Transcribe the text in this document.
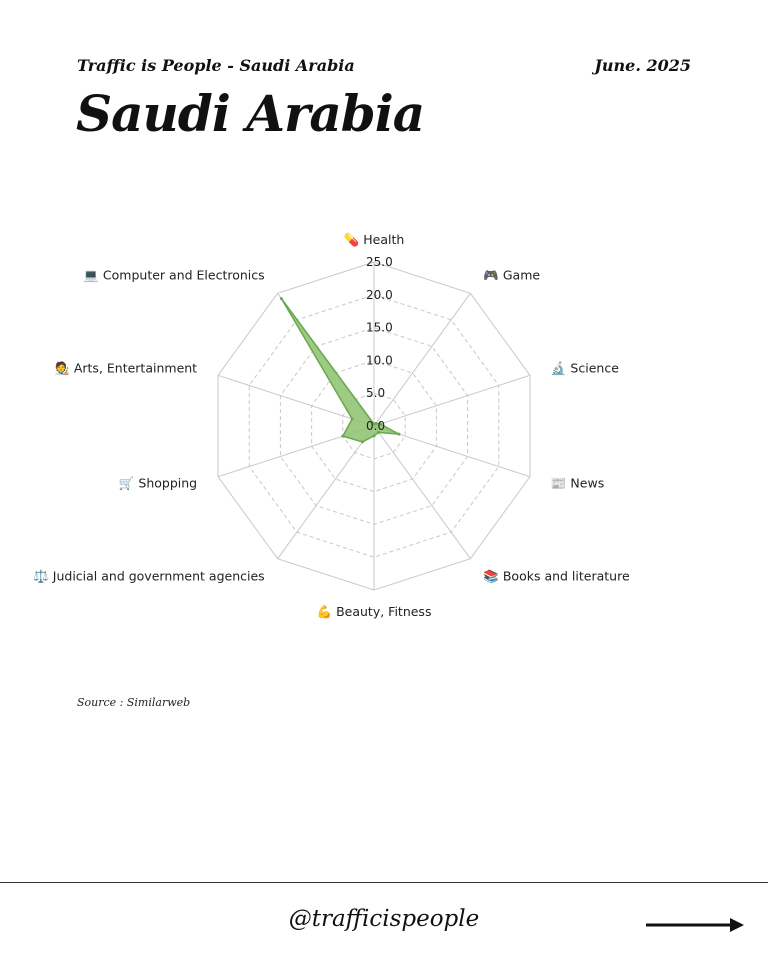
Traffic is People - Saudi Arabia	June. 2025
Saudi Arabia
0.0
5.0
10.0
15.0
20.0
25.0
💊 Health
🎮 Game
🔬 Science
📰 News
📚 Books and literature
💪 Beauty, Fitness
⚖️ Judicial and government agencies
🛒 Shopping
🧑‍🎨 Arts, Entertainment
💻 Computer and Electronics
Source : Similarweb
@trafficispeople
